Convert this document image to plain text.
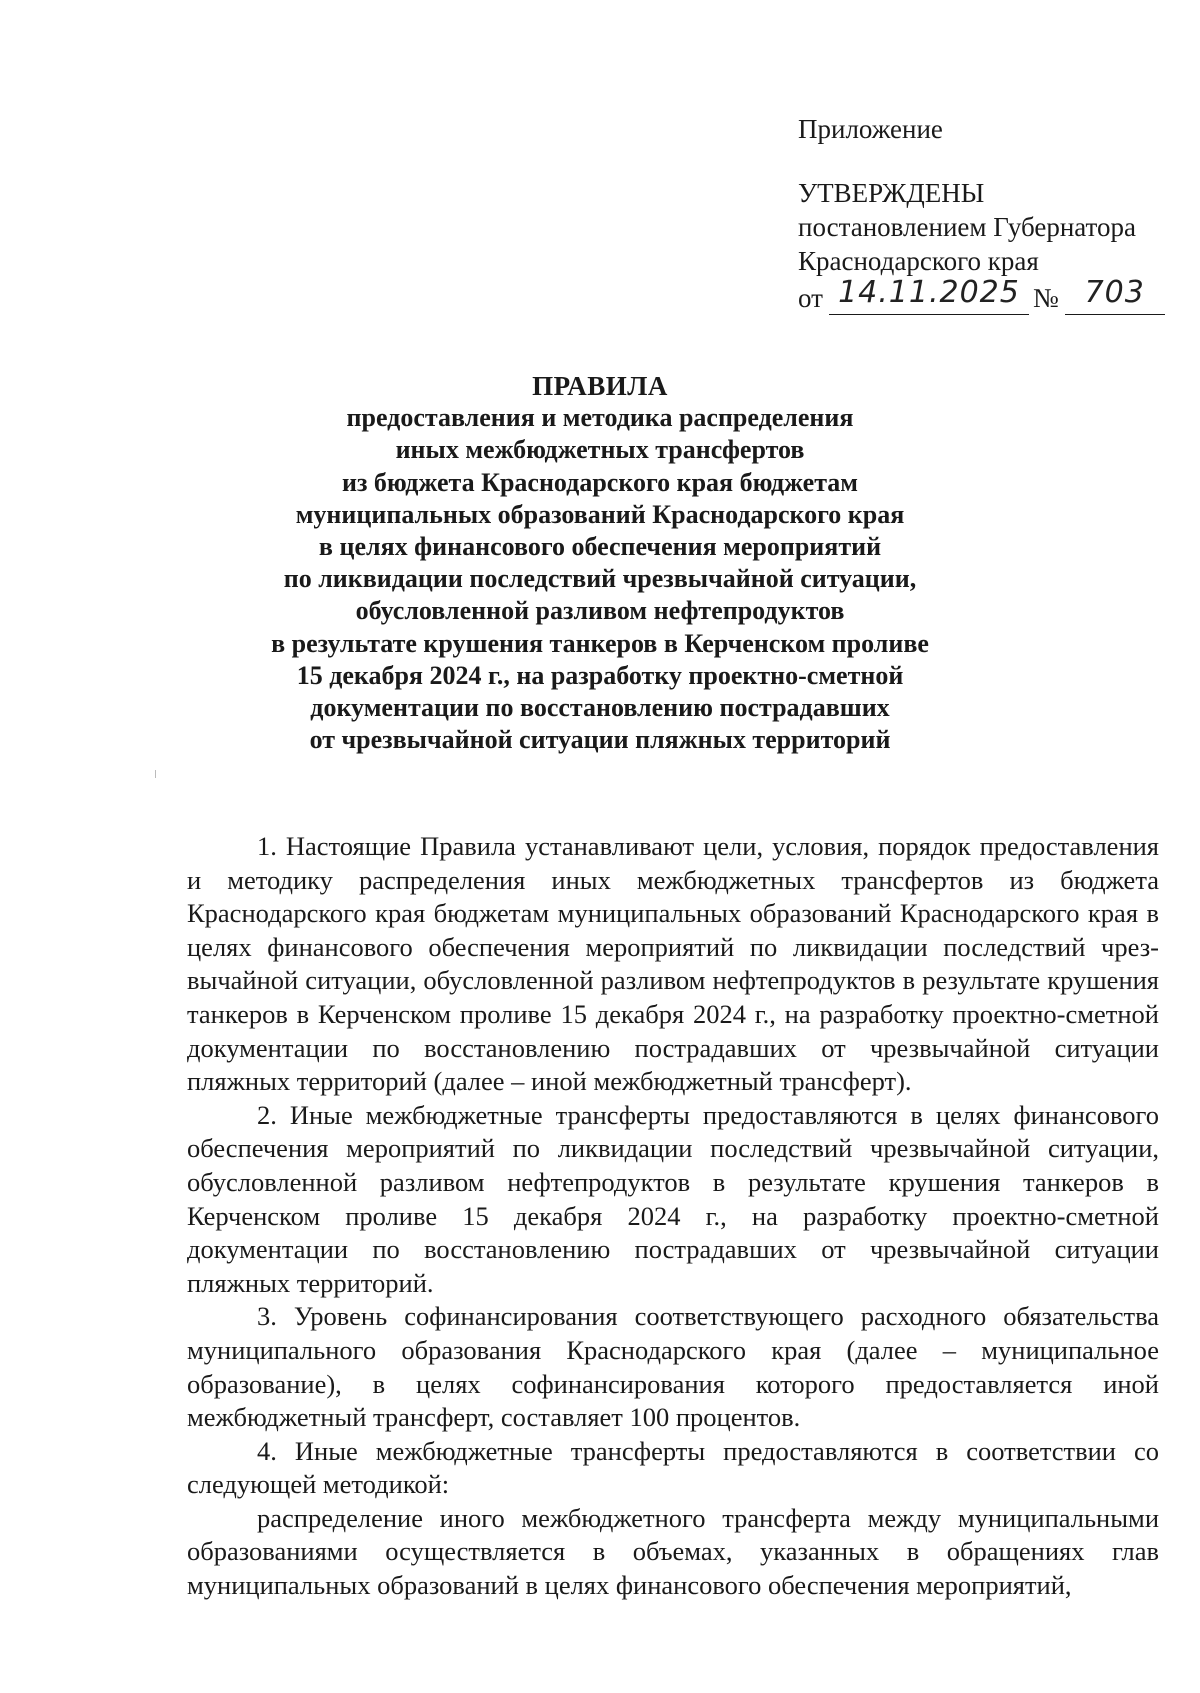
Приложение
УТВЕРЖДЕНЫ
постановлением Губернатора
Краснодарского края
от 14.11.2025 № 703
ПРАВИЛА
предоставления и методика распределения
иных межбюджетных трансфертов
из бюджета Краснодарского края бюджетам
муниципальных образований Краснодарского края
в целях финансового обеспечения мероприятий
по ликвидации последствий чрезвычайной ситуации,
обусловленной разливом нефтепродуктов
в результате крушения танкеров в Керченском проливе
15 декабря 2024 г., на разработку проектно-сметной
документации по восстановлению пострадавших
от чрезвычайной ситуации пляжных территорий

1. Настоящие Правила устанавливают цели, условия, порядок предоставления и методику распределения иных межбюджетных трансфертов из бюджета Краснодарского края бюджетам муниципальных образований Краснодарского края в целях финансового обеспечения мероприятий по ликвидации последствий чрезвычайной ситуации, обусловленной разливом нефтепродуктов в результате крушения танкеров в Керченском проливе 15 декабря 2024 г., на разработку проектно-сметной документации по восстановлению пострадавших от чрезвычайной ситуации пляжных территорий (далее – иной межбюджетный трансферт).

2. Иные межбюджетные трансферты предоставляются в целях финансового обеспечения мероприятий по ликвидации последствий чрезвычайной ситуации, обусловленной разливом нефтепродуктов в результате крушения танкеров в Керченском проливе 15 декабря 2024 г., на разработку проектно-сметной документации по восстановлению пострадавших от чрезвычайной ситуации пляжных территорий.

3. Уровень софинансирования соответствующего расходного обязательства муниципального образования Краснодарского края (далее – муниципальное образование), в целях софинансирования которого предоставляется иной межбюджетный трансферт, составляет 100 процентов.

4. Иные межбюджетные трансферты предоставляются в соответствии со следующей методикой:

распределение иного межбюджетного трансферта между муниципальными образованиями осуществляется в объемах, указанных в обращениях глав муниципальных образований в целях финансового обеспечения мероприятий,
